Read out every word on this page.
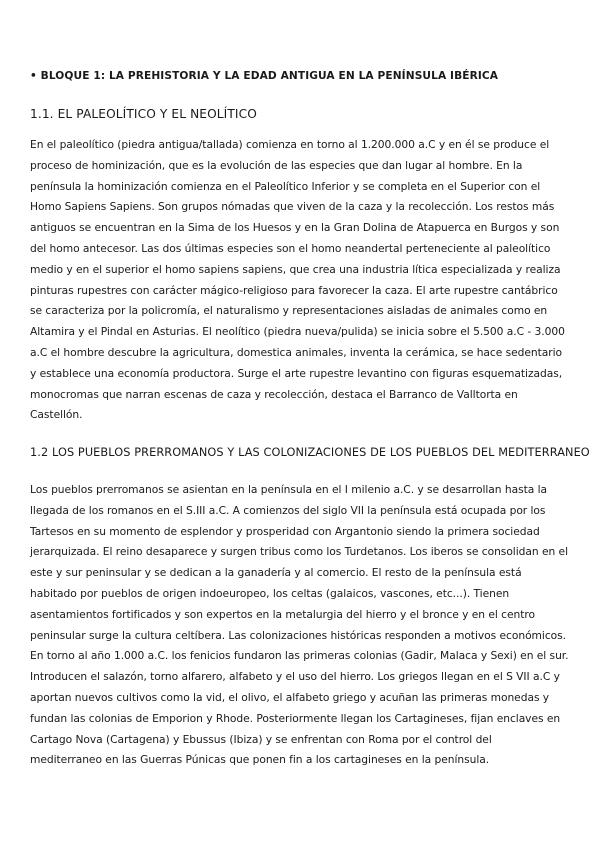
• BLOQUE 1: LA PREHISTORIA Y LA EDAD ANTIGUA EN LA PENÍNSULA IBÉRICA
1.1. EL PALEOLÍTICO Y EL NEOLÍTICO
En el paleolítico (piedra antigua/tallada) comienza en torno al 1.200.000 a.C y en él se produce el
proceso de hominización, que es la evolución de las especies que dan lugar al hombre. En la
península la hominización comienza en el Paleolítico Inferior y se completa en el Superior con el
Homo Sapiens Sapiens. Son grupos nómadas que viven de la caza y la recolección. Los restos más
antiguos se encuentran en la Sima de los Huesos y en la Gran Dolina de Atapuerca en Burgos y son
del homo antecesor. Las dos últimas especies son el homo neandertal perteneciente al paleolítico
medio y en el superior el homo sapiens sapiens, que crea una industria lítica especializada y realiza
pinturas rupestres con carácter mágico-religioso para favorecer la caza. El arte rupestre cantábrico
se caracteriza por la policromía, el naturalismo y representaciones aisladas de animales como en
Altamira y el Pindal en Asturias. El neolítico (piedra nueva/pulida) se inicia sobre el 5.500 a.C - 3.000
a.C el hombre descubre la agricultura, domestica animales, inventa la cerámica, se hace sedentario
y establece una economía productora. Surge el arte rupestre levantino con figuras esquematizadas,
monocromas que narran escenas de caza y recolección, destaca el Barranco de Valltorta en
Castellón.
1.2 LOS PUEBLOS PRERROMANOS Y LAS COLONIZACIONES DE LOS PUEBLOS DEL MEDITERRANEO
Los pueblos prerromanos se asientan en la península en el I milenio a.C. y se desarrollan hasta la
llegada de los romanos en el S.III a.C. A comienzos del siglo VII la península está ocupada por los
Tartesos en su momento de esplendor y prosperidad con Argantonio siendo la primera sociedad
jerarquizada. El reino desaparece y surgen tribus como los Turdetanos. Los iberos se consolidan en el
este y sur peninsular y se dedican a la ganadería y al comercio. El resto de la península está
habitado por pueblos de origen indoeuropeo, los celtas (galaicos, vascones, etc...). Tienen
asentamientos fortificados y son expertos en la metalurgia del hierro y el bronce y en el centro
peninsular surge la cultura celtíbera. Las colonizaciones históricas responden a motivos económicos.
En torno al año 1.000 a.C. los fenicios fundaron las primeras colonias (Gadir, Malaca y Sexi) en el sur.
Introducen el salazón, torno alfarero, alfabeto y el uso del hierro. Los griegos llegan en el S VII a.C y
aportan nuevos cultivos como la vid, el olivo, el alfabeto griego y acuñan las primeras monedas y
fundan las colonias de Emporion y Rhode. Posteriormente llegan los Cartagineses, fijan enclaves en
Cartago Nova (Cartagena) y Ebussus (Ibiza) y se enfrentan con Roma por el control del
mediterraneo en las Guerras Púnicas que ponen fin a los cartagineses en la península.
